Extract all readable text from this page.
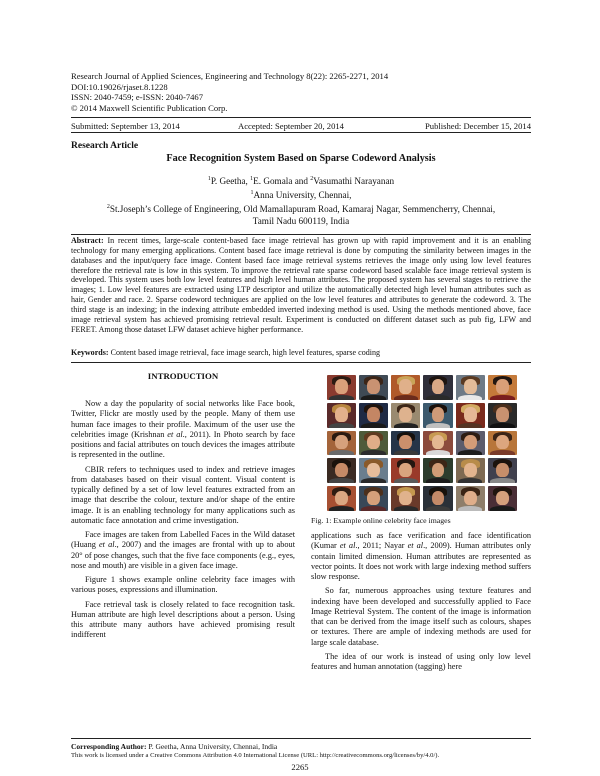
Research Journal of Applied Sciences, Engineering and Technology 8(22): 2265-2271, 2014
DOI:10.19026/rjaset.8.1228
ISSN: 2040-7459; e-ISSN: 2040-7467
© 2014 Maxwell Scientific Publication Corp.
Submitted: September 13, 2014	Accepted: September 20, 2014	Published: December 15, 2014
Research Article
Face Recognition System Based on Sparse Codeword Analysis
$^1$P. Geetha, $^1$E. Gomala and $^2$Vasumathi Narayanan
$^1$Anna University, Chennai,
$^2$St.Joseph’s College of Engineering, Old Mamallapuram Road, Kamaraj Nagar, Semmencherry, Chennai,
Tamil Nadu 600119, India
Abstract: In recent times, large-scale content-based face image retrieval has grown up with rapid improvement and it is an enabling technology for many emerging applications. Content based face image retrieval is done by computing the similarity between images in the databases and the input/query face image. Content based face image retrieval systems retrieves the image only using low level features therefore the retrieval rate is low in this system. To improve the retrieval rate sparse codeword based scalable face image retrieval system is developed. This system uses both low level features and high level human attributes. The proposed system has several stages to retrieve the images; 1. Low level features are extracted using LTP descriptor and utilize the automatically detected high level human attributes such as hair, Gender and race. 2. Sparse codeword techniques are applied on the low level features and attributes to generate the codeword. 3. The third stage is an indexing; in the indexing attribute embedded inverted indexing method is used. Using the methods mentioned above, face image retrieval system has achieved promising retrieval result. Experiment is conducted on different dataset such as pub fig, LFW and FERET. Among those dataset LFW dataset achieve higher performance.
Keywords: Content based image retrieval, face image search, high level features, sparse coding
INTRODUCTION

Now a day the popularity of social networks like Face book, Twitter, Flickr are mostly used by the people. Many of them use human face images to their profile. Maximum of the user use the celebrities image (Krishnan et al., 2011). In Photo search by face positions and facial attributes on touch devices the images attribute is represented in the outline.

CBIR refers to techniques used to index and retrieve images from databases based on their visual content. Visual content is typically defined by a set of low level features extracted from an image that describe the colour, texture and/or shape of the entire image. It is an enabling technology for many applications such as automatic face annotation and crime investigation.

Face images are taken from Labelled Faces in the Wild dataset (Huang et al., 2007) and the images are frontal with up to about 20° of pose changes, such that the five face components (e.g., eyes, nose and mouth) are visible in a given face image.

Figure 1 shows example online celebrity face images with various poses, expressions and illumination.

Face retrieval task is closely related to face recognition task. Human attribute are high level descriptions about a person. Using this attribute many authors have achieved promising result indifferent

Fig. 1: Example online celebrity face images

applications such as face verification and face identification (Kumar et al., 2011; Nayar et al., 2009). Human attributes only contain limited dimension. Human attributes are represented as vector points. It does not work with large indexing method suffers slow response.

So far, numerous approaches using texture features and indexing have been developed and successfully applied to Face Image Retrieval System. The content of the image is information that can be derived from the image itself such as colours, shapes or textures. There are ample of indexing methods are used for large scale database.

The idea of our work is instead of using only low level features and human annotation (tagging) here

Corresponding Author: P. Geetha, Anna University, Chennai, India
This work is licensed under a Creative Commons Attribution 4.0 International License (URL: http://creativecommons.org/licenses/by/4.0/).
2265
